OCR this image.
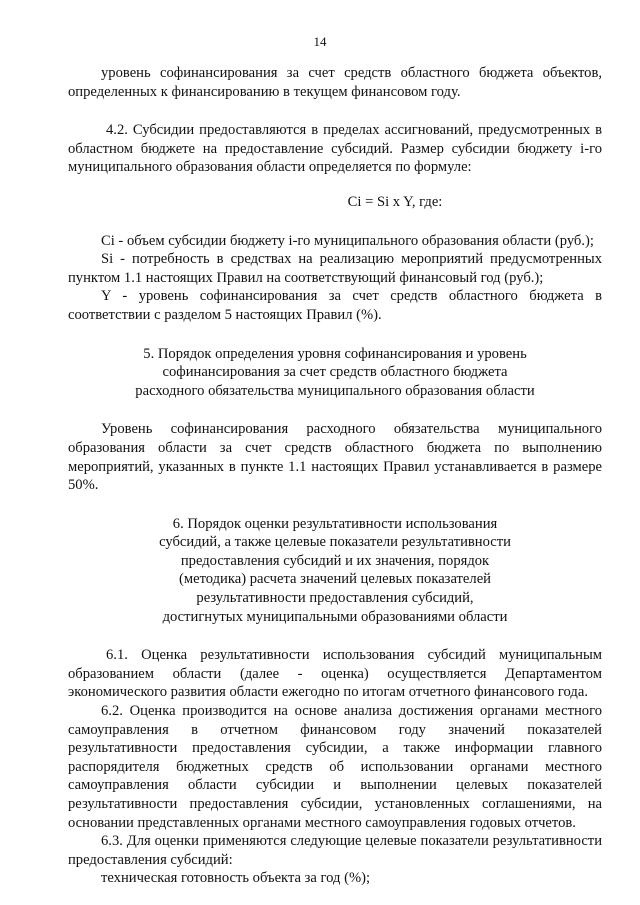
14

уровень софинансирования за счет средств областного бюджета объектов, определенных к финансированию в текущем финансовом году.

4.2. Субсидии предоставляются в пределах ассигнований, предусмотренных в областном бюджете на предоставление субсидий. Размер субсидии бюджету i-го муниципального образования области определяется по формуле:

Ci = Si x Y, где:

Ci - объем субсидии бюджету i-го муниципального образования области (руб.);

Si - потребность в средствах на реализацию мероприятий предусмотренных пунктом 1.1 настоящих Правил на соответствующий финансовый год (руб.);

Y - уровень софинансирования за счет средств областного бюджета в соответствии с разделом 5 настоящих Правил (%).

5. Порядок определения уровня софинансирования и уровень
софинансирования за счет средств областного бюджета
расходного обязательства муниципального образования области

Уровень софинансирования расходного обязательства муниципального образования области за счет средств областного бюджета по выполнению мероприятий, указанных в пункте 1.1 настоящих Правил устанавливается в размере 50%.

6. Порядок оценки результативности использования
субсидий, а также целевые показатели результативности
предоставления субсидий и их значения, порядок
(методика) расчета значений целевых показателей
результативности предоставления субсидий,
достигнутых муниципальными образованиями области

6.1. Оценка результативности использования субсидий муниципальным образованием области (далее - оценка) осуществляется Департаментом экономического развития области ежегодно по итогам отчетного финансового года.

6.2. Оценка производится на основе анализа достижения органами местного самоуправления в отчетном финансовом году значений показателей результативности предоставления субсидии, а также информации главного распорядителя бюджетных средств об использовании органами местного самоуправления области субсидии и выполнении целевых показателей результативности предоставления субсидии, установленных соглашениями, на основании представленных органами местного самоуправления годовых отчетов.

6.3. Для оценки применяются следующие целевые показатели результативности предоставления субсидий:

техническая готовность объекта за год (%);
